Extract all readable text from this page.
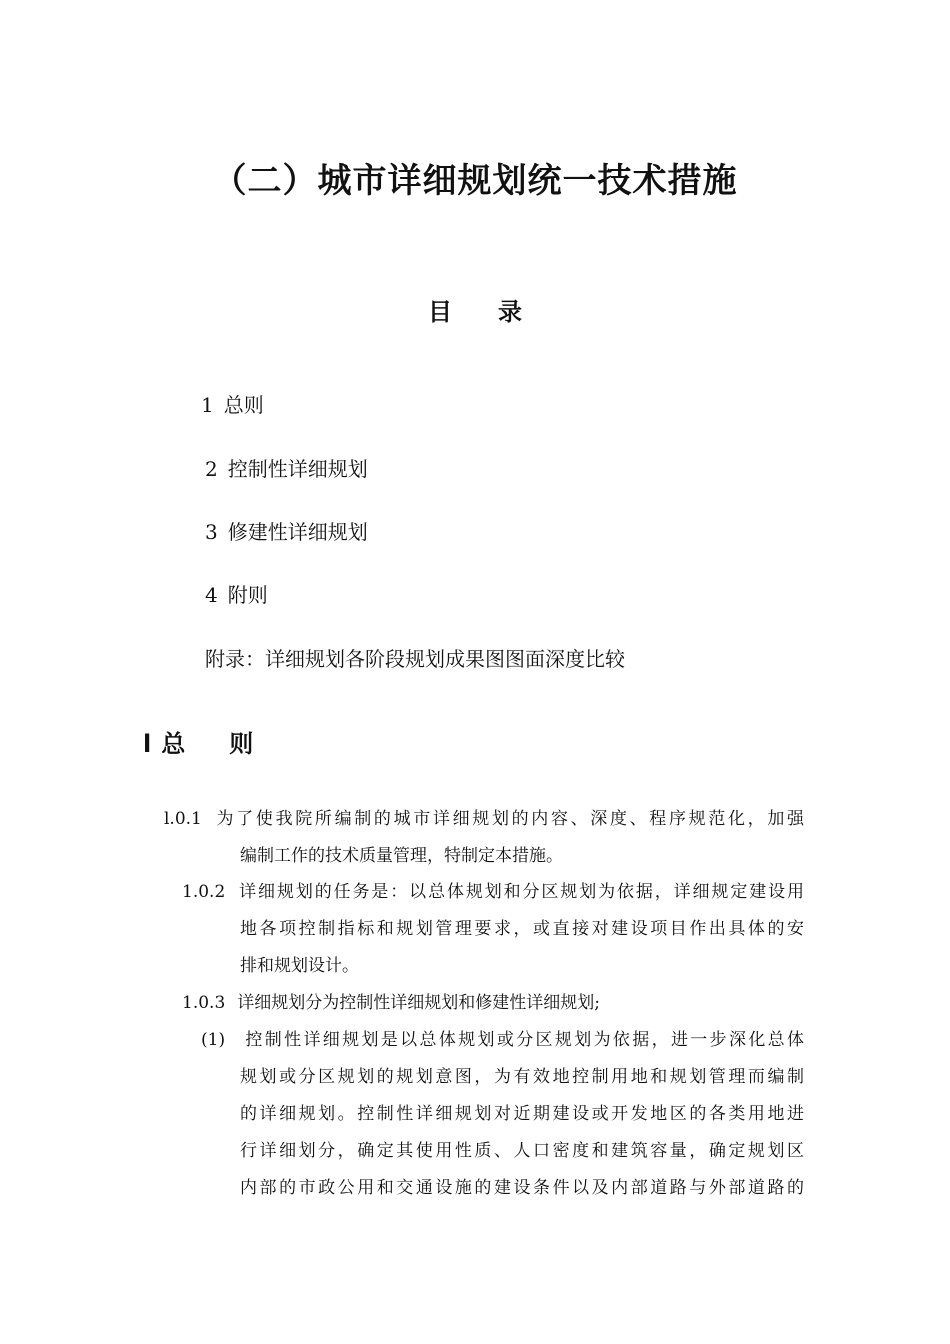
（二）城市详细规划统一技术措施
目 录
1 总则
2 控制性详细规划
3 修建性详细规划
4 附则
附录：详细规划各阶段规划成果图图面深度比较
l 总 则
l.0.1 为了使我院所编制的城市详细规划的内容、深度、程序规范化，加强
编制工作的技术质量管理，特制定本措施。
1.0.2 详细规划的任务是：以总体规划和分区规划为依据，详细规定建设用
地各项控制指标和规划管理要求，或直接对建设项目作出具体的安
排和规划设计。
1.0.3 详细规划分为控制性详细规划和修建性详细规划;
(1) 控制性详细规划是以总体规划或分区规划为依据，进一步深化总体
规划或分区规划的规划意图，为有效地控制用地和规划管理而编制
的详细规划。控制性详细规划对近期建设或开发地区的各类用地进
行详细划分，确定其使用性质、人口密度和建筑容量，确定规划区
内部的市政公用和交通设施的建设条件以及内部道路与外部道路的
